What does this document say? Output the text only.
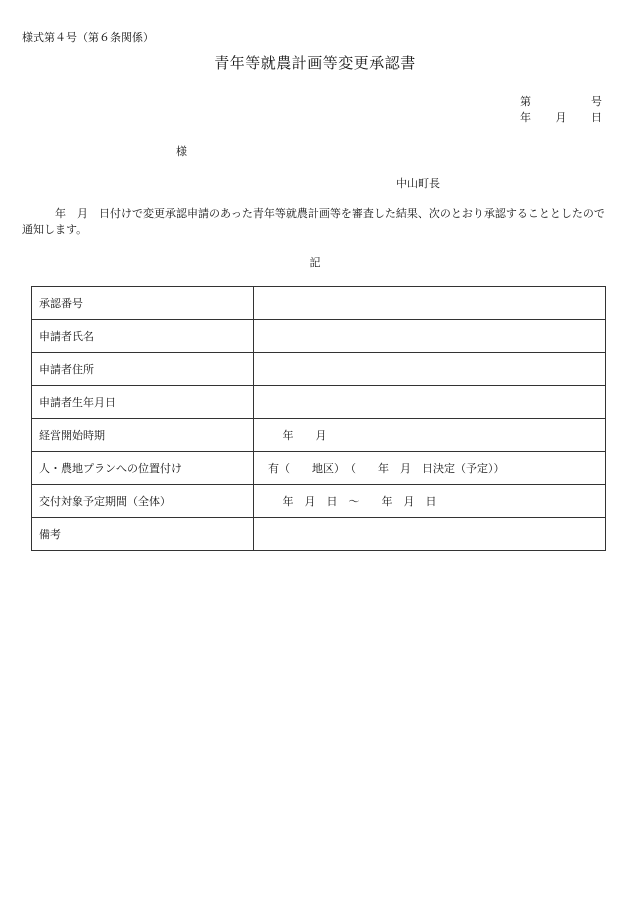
様式第４号（第６条関係）
青年等就農計画等変更承認書
第	号
年 月 日
様
中山町長
年　月　日付けで変更承認申請のあった青年等就農計画等を審査した結果、次のとおり承認することとしたので通知します。
記
承認番号	
申請者氏名	
申請者住所	
申請者生年月日	
経営開始時期	　 年　　月
人・農地プランへの位置付け	有（　　地区）　（　　年　月　日決定（予定））
交付対象予定期間（全体）	　 年　月　日　～　　年　月　日
備考	
